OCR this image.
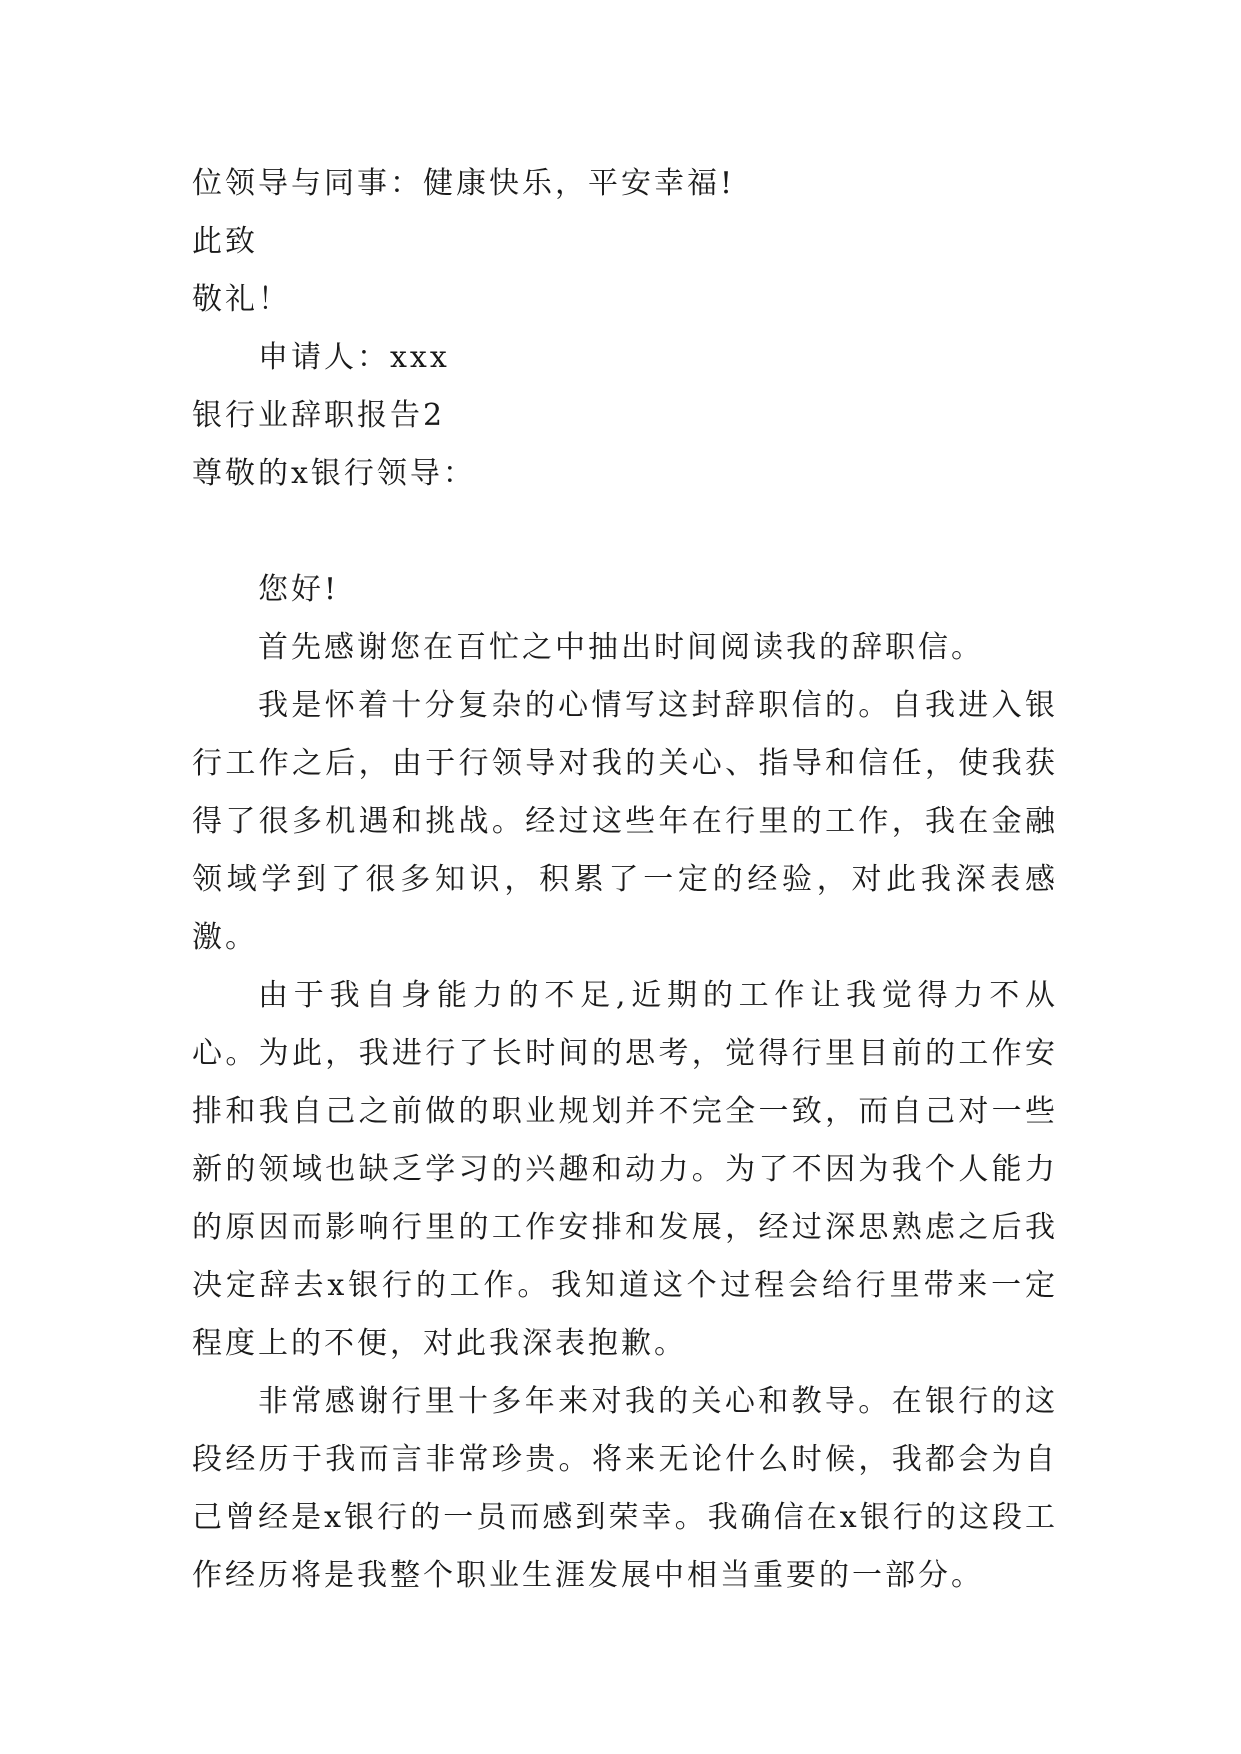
位领导与同事：健康快乐，平安幸福!
此致
敬礼！
申请人：xxx
银行业辞职报告2
尊敬的x银行领导：
您好!

首先感谢您在百忙之中抽出时间阅读我的辞职信。

我是怀着十分复杂的心情写这封辞职信的。自我进入银行工作之后，由于行领导对我的关心、指导和信任，使我获得了很多机遇和挑战。经过这些年在行里的工作，我在金融领域学到了很多知识，积累了一定的经验，对此我深表感激。

由于我自身能力的不足,近期的工作让我觉得力不从心。为此，我进行了长时间的思考，觉得行里目前的工作安排和我自己之前做的职业规划并不完全一致，而自己对一些新的领域也缺乏学习的兴趣和动力。为了不因为我个人能力的原因而影响行里的工作安排和发展，经过深思熟虑之后我决定辞去x银行的工作。我知道这个过程会给行里带来一定程度上的不便，对此我深表抱歉。

非常感谢行里十多年来对我的关心和教导。在银行的这段经历于我而言非常珍贵。将来无论什么时候，我都会为自己曾经是x银行的一员而感到荣幸。我确信在x银行的这段工作经历将是我整个职业生涯发展中相当重要的一部分。
